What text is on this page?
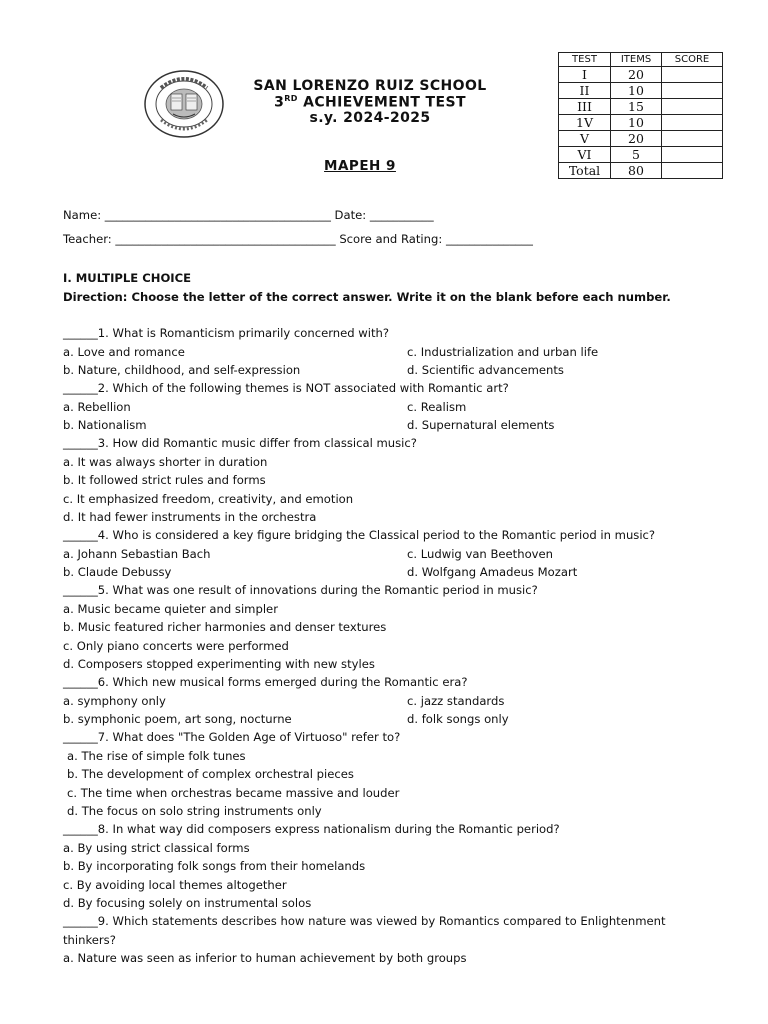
SAN LORENZO RUIZ SCHOOL
3RD ACHIEVEMENT TEST
s.y. 2024-2025
MAPEH 9
TEST	ITEMS	SCORE
I	20	
II	10	
III	15	
1V	10	
V	20	
VI	5	
Total	80	
Name: _______________________________________ Date: ___________
Teacher: ______________________________________ Score and Rating: _______________
I. MULTIPLE CHOICE
Direction: Choose the letter of the correct answer. Write it on the blank before each number.
______1. What is Romanticism primarily concerned with?
a. Love and romance	c. Industrialization and urban life
b. Nature, childhood, and self-expression	d. Scientific advancements
______2. Which of the following themes is NOT associated with Romantic art?
a. Rebellion	c. Realism
b. Nationalism	d. Supernatural elements
______3. How did Romantic music differ from classical music?
a. It was always shorter in duration
b. It followed strict rules and forms
c. It emphasized freedom, creativity, and emotion
d. It had fewer instruments in the orchestra
______4. Who is considered a key figure bridging the Classical period to the Romantic period in music?
a. Johann Sebastian Bach	c. Ludwig van Beethoven
b. Claude Debussy	d. Wolfgang Amadeus Mozart
______5. What was one result of innovations during the Romantic period in music?
a. Music became quieter and simpler
b. Music featured richer harmonies and denser textures
c. Only piano concerts were performed
d. Composers stopped experimenting with new styles
______6. Which new musical forms emerged during the Romantic era?
a. symphony only	c. jazz standards
b. symphonic poem, art song, nocturne	d. folk songs only
______7. What does "The Golden Age of Virtuoso" refer to?
a. The rise of simple folk tunes
b. The development of complex orchestral pieces
c. The time when orchestras became massive and louder
d. The focus on solo string instruments only
______8. In what way did composers express nationalism during the Romantic period?
a. By using strict classical forms
b. By incorporating folk songs from their homelands
c. By avoiding local themes altogether
d. By focusing solely on instrumental solos
______9. Which statements describes how nature was viewed by Romantics compared to Enlightenment
thinkers?
a. Nature was seen as inferior to human achievement by both groups
